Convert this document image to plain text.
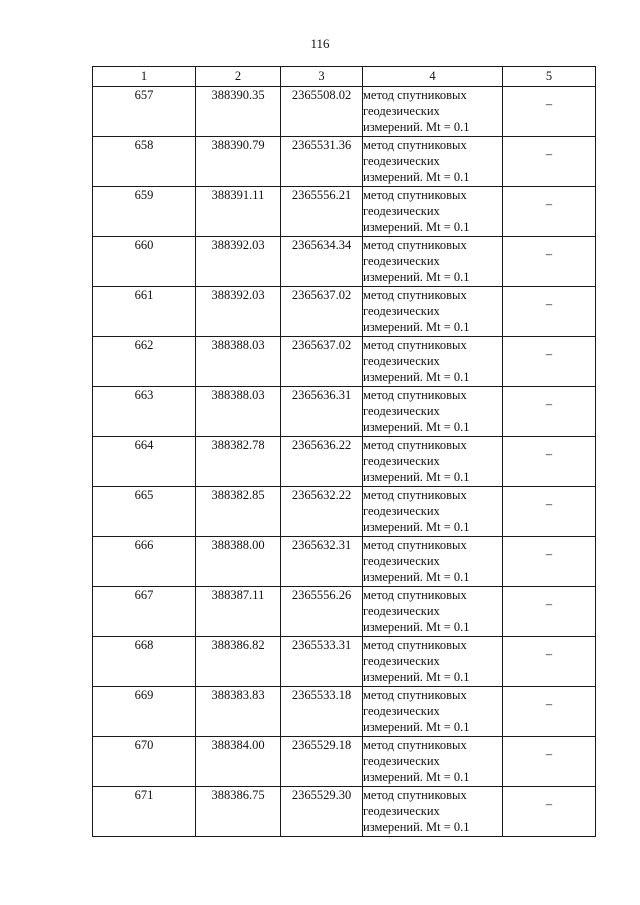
116
1	2	3	4	5
657	388390.35	2365508.02	метод спутниковых
геодезических
измерений. Mt = 0.1	–
658	388390.79	2365531.36	метод спутниковых
геодезических
измерений. Mt = 0.1	–
659	388391.11	2365556.21	метод спутниковых
геодезических
измерений. Mt = 0.1	–
660	388392.03	2365634.34	метод спутниковых
геодезических
измерений. Mt = 0.1	–
661	388392.03	2365637.02	метод спутниковых
геодезических
измерений. Mt = 0.1	–
662	388388.03	2365637.02	метод спутниковых
геодезических
измерений. Mt = 0.1	–
663	388388.03	2365636.31	метод спутниковых
геодезических
измерений. Mt = 0.1	–
664	388382.78	2365636.22	метод спутниковых
геодезических
измерений. Mt = 0.1	–
665	388382.85	2365632.22	метод спутниковых
геодезических
измерений. Mt = 0.1	–
666	388388.00	2365632.31	метод спутниковых
геодезических
измерений. Mt = 0.1	–
667	388387.11	2365556.26	метод спутниковых
геодезических
измерений. Mt = 0.1	–
668	388386.82	2365533.31	метод спутниковых
геодезических
измерений. Mt = 0.1	–
669	388383.83	2365533.18	метод спутниковых
геодезических
измерений. Mt = 0.1	–
670	388384.00	2365529.18	метод спутниковых
геодезических
измерений. Mt = 0.1	–
671	388386.75	2365529.30	метод спутниковых
геодезических
измерений. Mt = 0.1	–
